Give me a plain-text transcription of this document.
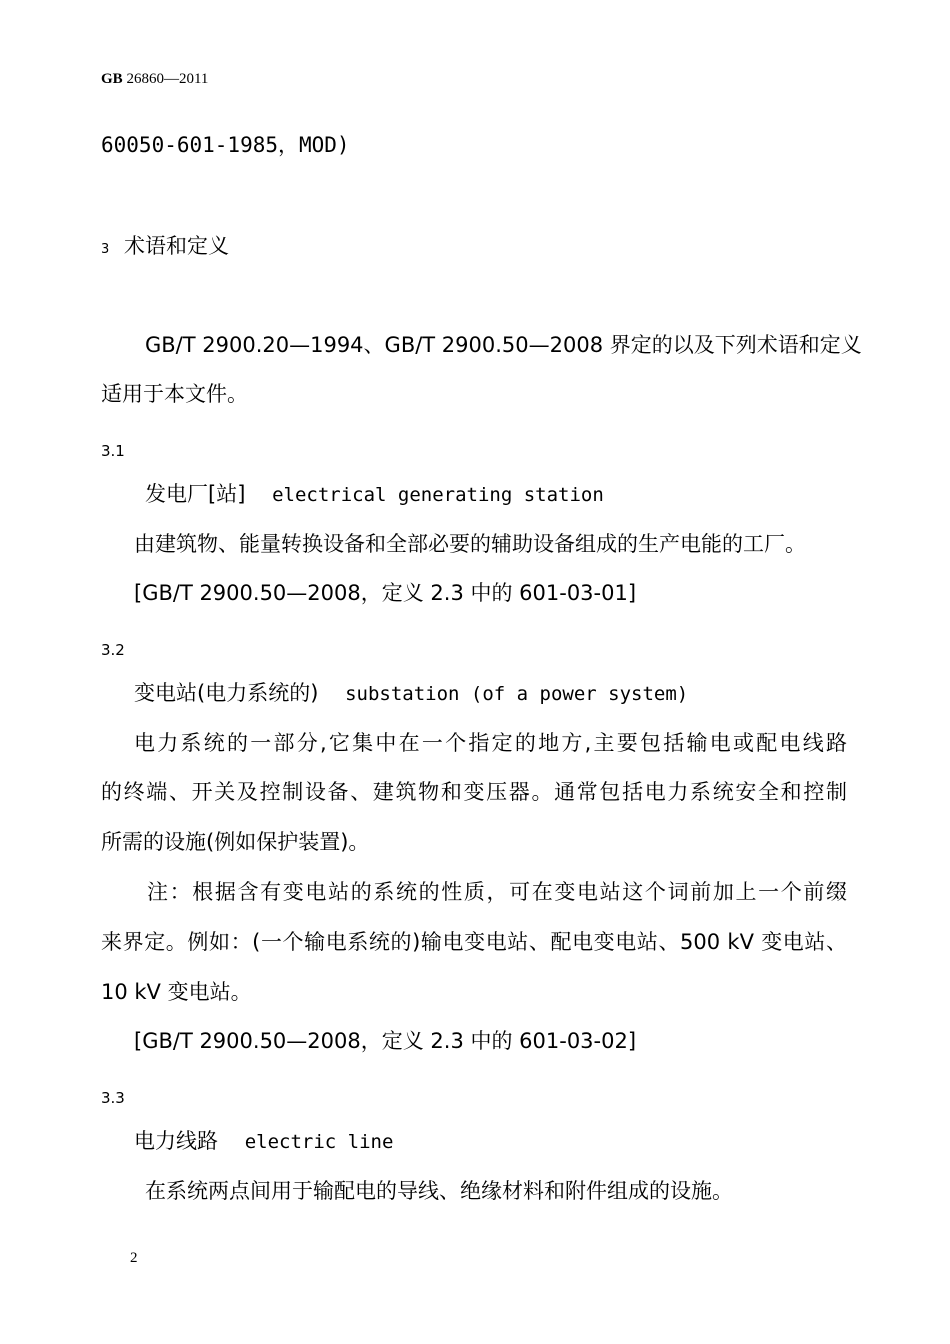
GB 26860—2011
60050-601-1985，MOD)
3 术语和定义
GB/T 2900.20—1994、GB/T 2900.50—2008 界定的以及下列术语和定义
适用于本文件。
3.1
发电厂[站] electrical generating station
由建筑物、能量转换设备和全部必要的辅助设备组成的生产电能的工厂。
[GB/T 2900.50—2008，定义 2.3 中的 601-03-01]
3.2
变电站(电力系统的) substation (of a power system)
电力系统的一部分,它集中在一个指定的地方,主要包括输电或配电线路
的终端、开关及控制设备、建筑物和变压器。通常包括电力系统安全和控制
所需的设施(例如保护装置)。
注：根据含有变电站的系统的性质，可在变电站这个词前加上一个前缀
来界定。例如：(一个输电系统的)输电变电站、配电变电站、500 kV 变电站、
10 kV 变电站。
[GB/T 2900.50—2008，定义 2.3 中的 601-03-02]
3.3
电力线路 electric line
在系统两点间用于输配电的导线、绝缘材料和附件组成的设施。
2
